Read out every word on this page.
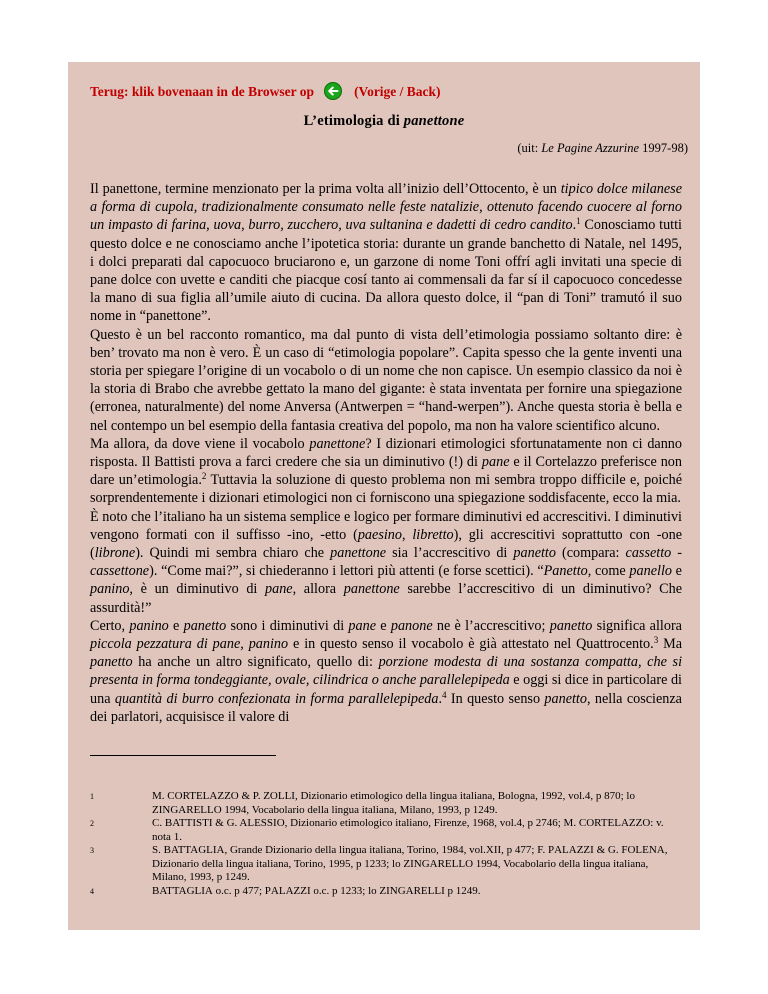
Terug: klik bovenaan in de Browser op	(Vorige / Back)
L’etimologia di panettone
(uit: Le Pagine Azzurine 1997-98)

Il panettone, termine menzionato per la prima volta all’inizio dell’Ottocento, è un tipico dolce milanese a forma di cupola, tradizionalmente consumato nelle feste natalizie, ottenuto facendo cuocere al forno un impasto di farina, uova, burro, zucchero, uva sultanina e dadetti di cedro candito.$^1$ Conosciamo tutti questo dolce e ne conosciamo anche l’ipotetica storia: durante un grande banchetto di Natale, nel 1495, i dolci preparati dal capocuoco bruciarono e, un garzone di nome Toni offrí agli invitati una specie di pane dolce con uvette e canditi che piacque cosí tanto ai commensali da far sí il capocuoco concedesse la mano di sua figlia all’umile aiuto di cucina. Da allora questo dolce, il “pan di Toni” tramutó il suo nome in “panettone”.

Questo è un bel racconto romantico, ma dal punto di vista dell’etimologia possiamo soltanto dire: è ben’ trovato ma non è vero. È un caso di “etimologia popolare”. Capita spesso che la gente inventi una storia per spiegare l’origine di un vocabolo o di un nome che non capisce. Un esempio classico da noi è la storia di Brabo che avrebbe gettato la mano del gigante: è stata inventata per fornire una spiegazione (erronea, naturalmente) del nome Anversa (Antwerpen = “hand-werpen”). Anche questa storia è bella e nel contempo un bel esempio della fantasia creativa del popolo, ma non ha valore scientifico alcuno.

Ma allora, da dove viene il vocabolo panettone? I dizionari etimologici sfortunatamente non ci danno risposta. Il Battisti prova a farci credere che sia un diminutivo (!) di pane e il Cortelazzo preferisce non dare un’etimologia.$^2$ Tuttavia la soluzione di questo problema non mi sembra troppo difficile e, poiché sorprendentemente i dizionari etimologici non ci forniscono una spiegazione soddisfacente, ecco la mia.

È noto che l’italiano ha un sistema semplice e logico per formare diminutivi ed accrescitivi. I diminutivi vengono formati con il suffisso -ino, -etto (paesino, libretto), gli accrescitivi soprattutto con -one (librone). Quindi mi sembra chiaro che panettone sia l’accrescitivo di panetto (compara: cassetto - cassettone). “Come mai?”, si chiederanno i lettori più attenti (e forse scettici). “Panetto, come panello e panino, è un diminutivo di pane, allora panettone sarebbe l’accrescitivo di un diminutivo? Che assurdità!”

Certo, panino e panetto sono i diminutivi di pane e panone ne è l’accrescitivo; panetto significa allora piccola pezzatura di pane, panino e in questo senso il vocabolo è già attestato nel Quattrocento.$^3$ Ma panetto ha anche un altro significato, quello di: porzione modesta di una sostanza compatta, che si presenta in forma tondeggiante, ovale, cilindrica o anche parallelepipeda e oggi si dice in particolare di una quantità di burro confezionata in forma parallelepipeda.$^4$ In questo senso panetto, nella coscienza dei parlatori, acquisisce il valore di

1	M. CORTELAZZO & P. ZOLLI, Dizionario etimologico della lingua italiana, Bologna, 1992, vol.4, p 870; lo ZINGARELLO 1994, Vocabolario della lingua italiana, Milano, 1993, p 1249.
2	C. BATTISTI & G. ALESSIO, Dizionario etimologico italiano, Firenze, 1968, vol.4, p 2746; M. CORTELAZZO: v. nota 1.
3	S. BATTAGLIA, Grande Dizionario della lingua italiana, Torino, 1984, vol.XII, p 477; F. PALAZZI & G. FOLENA, Dizionario della lingua italiana, Torino, 1995, p 1233; lo ZINGARELLO 1994, Vocabolario della lingua italiana, Milano, 1993, p 1249.
4	BATTAGLIA o.c. p 477; PALAZZI o.c. p 1233; lo ZINGARELLI p 1249.
